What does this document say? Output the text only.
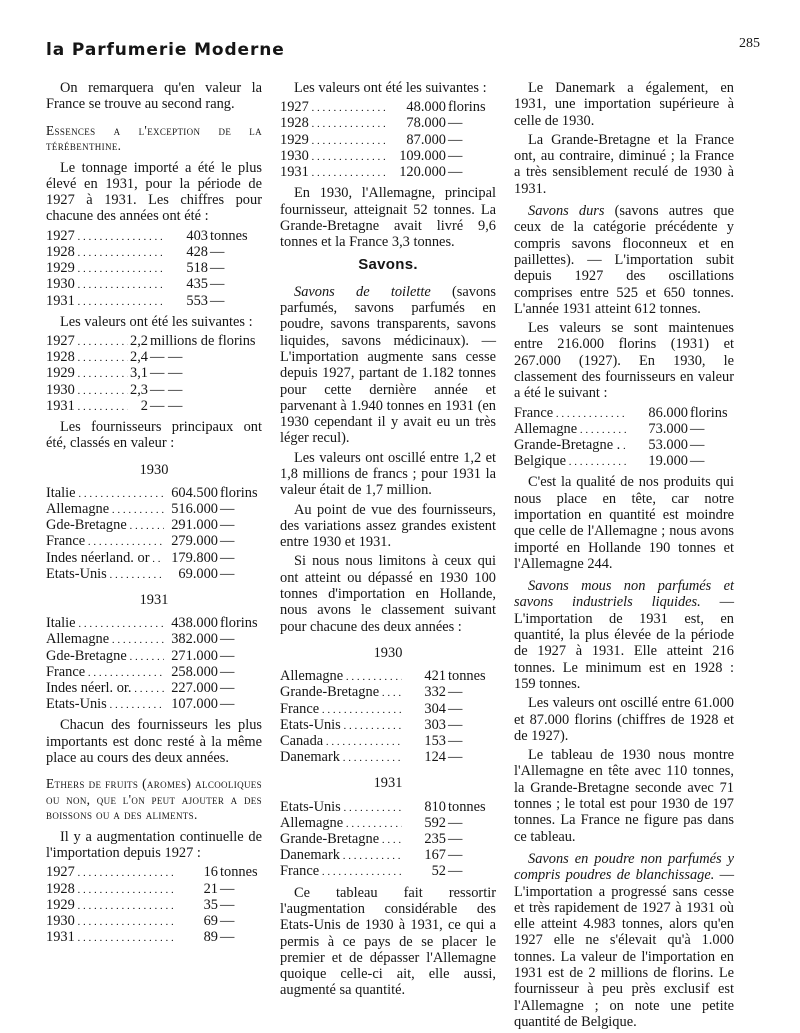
la Parfumerie Moderne	285

On remarquera qu'en valeur la France se trouve au second rang.

Essences a l'exception de la térébenthine.

Le tonnage importé a été le plus élevé en 1931, pour la période de 1927 à 1931. Les chiffres pour chacune des années ont été :

1927 . . .	403 tonnes
1928 . . .	428 —
1929 . . .	518 —
1930 . . .	435 —
1931 . . .	553 —

Les valeurs ont été les suivantes :

1927 . . .	2,2 millions de florins
1928 . . .	2,4 — —
1929 . . .	3,1 — —
1930 . . .	2,3 — —
1931 . . .	2 — —

Les fournisseurs principaux ont été, classés en valeur :

1930
Italie . . .	604.500 florins
Allemagne . . .	516.000 —
Gde-Bretagne . . .	291.000 —
France . . .	279.000 —
Indes néerland. or . . .	179.800 —
Etats-Unis . . .	69.000 —
1931
Italie . . .	438.000 florins
Allemagne . . .	382.000 —
Gde-Bretagne . . .	271.000 —
France . . .	258.000 —
Indes néerl. or. . . .	227.000 —
Etats-Unis . . .	107.000 —

Chacun des fournisseurs les plus importants est donc resté à la même place au cours des deux années.

Ethers de fruits (aromes) alcooliques ou non, que l'on peut ajouter a des boissons ou a des aliments.

Il y a augmentation continuelle de l'importation depuis 1927 :

1927 . . .	16 tonnes
1928 . . .	21 —
1929 . . .	35 —
1930 . . .	69 —
1931 . . .	89 —

Les valeurs ont été les suivantes :

1927 . . .	48.000 florins
1928 . . .	78.000 —
1929 . . .	87.000 —
1930 . . .	109.000 —
1931 . . .	120.000 —

En 1930, l'Allemagne, principal fournisseur, atteignait 52 tonnes. La Grande-Bretagne avait livré 9,6 tonnes et la France 3,3 tonnes.

Savons.

Savons de toilette (savons parfumés, savons parfumés en poudre, savons transparents, savons liquides, savons médicinaux). — L'importation augmente sans cesse depuis 1927, partant de 1.182 tonnes pour cette dernière année et parvenant à 1.940 tonnes en 1931 (en 1930 cependant il y avait eu un très léger recul).

Les valeurs ont oscillé entre 1,2 et 1,8 millions de francs ; pour 1931 la valeur était de 1,7 million.

Au point de vue des fournisseurs, des variations assez grandes existent entre 1930 et 1931.

Si nous nous limitons à ceux qui ont atteint ou dépassé en 1930 100 tonnes d'importation en Hollande, nous avons le classement suivant pour chacune des deux années :

1930
Allemagne . . .	421 tonnes
Grande-Bretagne . . .	332 —
France . . .	304 —
Etats-Unis . . .	303 —
Canada . . .	153 —
Danemark . . .	124 —
1931
Etats-Unis . . .	810 tonnes
Allemagne . . .	592 —
Grande-Bretagne . . .	235 —
Danemark . . .	167 —
France . . .	52 —

Ce tableau fait ressortir l'augmentation considérable des Etats-Unis de 1930 à 1931, ce qui a permis à ce pays de se placer le premier et de dépasser l'Allemagne quoique celle-ci ait, elle aussi, augmenté sa quantité.

Le Danemark a également, en 1931, une importation supérieure à celle de 1930.

La Grande-Bretagne et la France ont, au contraire, diminué ; la France a très sensiblement reculé de 1930 à 1931.

Savons durs (savons autres que ceux de la catégorie précédente y compris savons floconneux et en paillettes). — L'importation subit depuis 1927 des oscillations comprises entre 525 et 650 tonnes. L'année 1931 atteint 612 tonnes.

Les valeurs se sont maintenues entre 216.000 florins (1931) et 267.000 (1927). En 1930, le classement des fournisseurs en valeur a été le suivant :

France . . .	86.000 florins
Allemagne . . .	73.000 —
Grande-Bretagne . . . .	53.000 —
Belgique . . .	19.000 —

C'est la qualité de nos produits qui nous place en tête, car notre importation en quantité est moindre que celle de l'Allemagne ; nous avons importé en Hollande 190 tonnes et l'Allemagne 244.

Savons mous non parfumés et savons industriels liquides. — L'importation de 1931 est, en quantité, la plus élevée de la période de 1927 à 1931. Elle atteint 216 tonnes. Le minimum est en 1928 : 159 tonnes.

Les valeurs ont oscillé entre 61.000 et 87.000 florins (chiffres de 1928 et de 1927).

Le tableau de 1930 nous montre l'Allemagne en tête avec 110 tonnes, la Grande-Bretagne seconde avec 71 tonnes ; le total est pour 1930 de 197 tonnes. La France ne figure pas dans ce tableau.

Savons en poudre non parfumés y compris poudres de blanchissage. — L'importation a progressé sans cesse et très rapidement de 1927 à 1931 où elle atteint 4.983 tonnes, alors qu'en 1927 elle ne s'élevait qu'à 1.000 tonnes. La valeur de l'importation en 1931 est de 2 millions de florins. Le fournisseur à peu près exclusif est l'Allemagne ; on note une petite quantité de Belgique.
